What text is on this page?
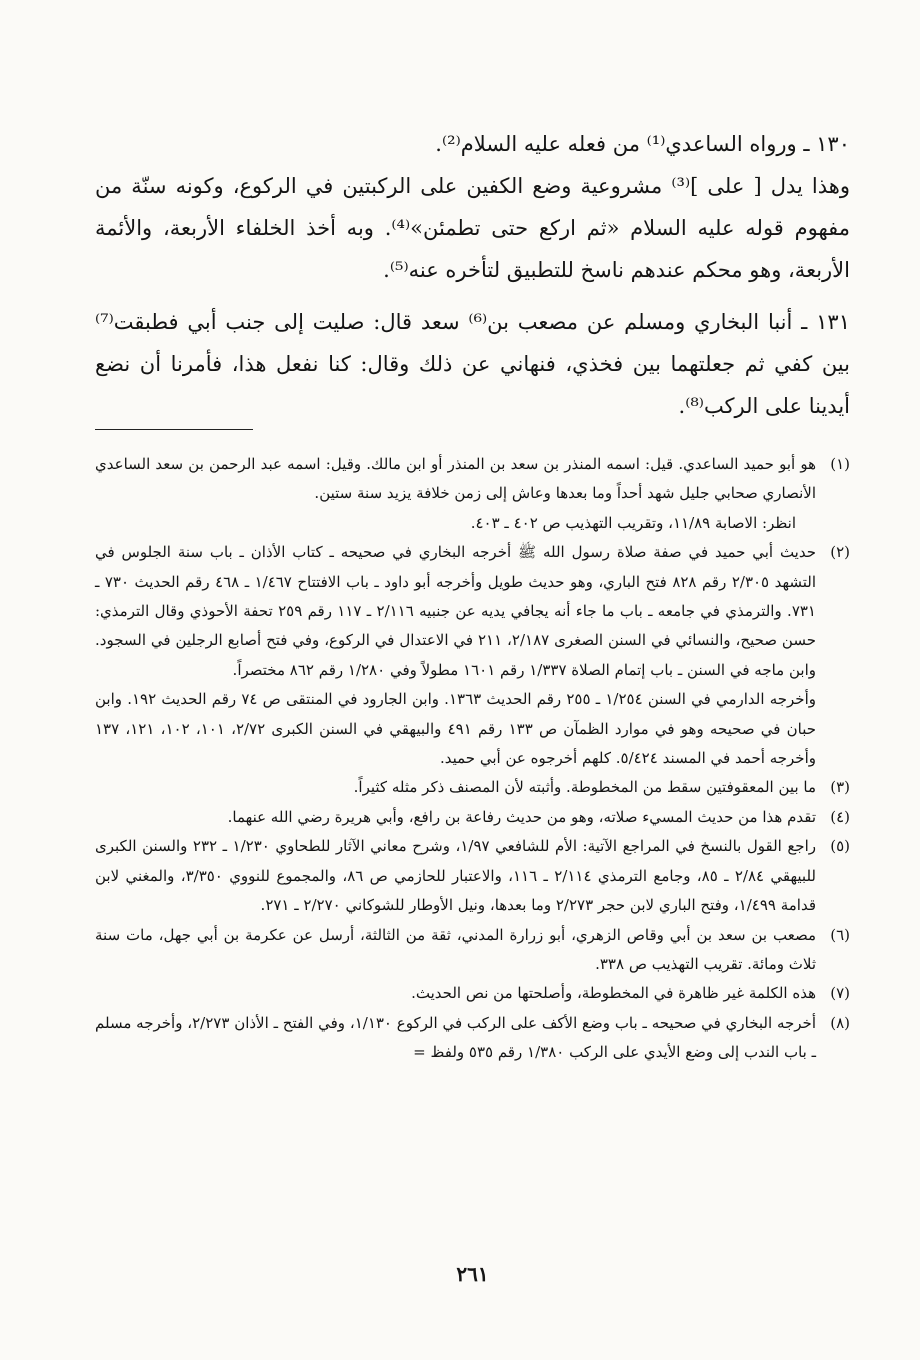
١٣٠ ـ ورواه الساعدي⁽¹⁾ من فعله عليه السلام⁽²⁾.

وهذا يدل [ على ]⁽³⁾ مشروعية وضع الكفين على الركبتين في الركوع، وكونه سنّة من مفهوم قوله عليه السلام «ثم اركع حتى تطمئن»⁽⁴⁾. وبه أخذ الخلفاء الأربعة، والأئمة الأربعة، وهو محكم عندهم ناسخ للتطبيق لتأخره عنه⁽⁵⁾.

١٣١ ـ أنبا البخاري ومسلم عن مصعب بن⁽⁶⁾ سعد قال: صليت إلى جنب أبي فطبقت⁽⁷⁾ بين كفي ثم جعلتهما بين فخذي، فنهاني عن ذلك وقال: كنا نفعل هذا، فأمرنا أن نضع أيدينا على الركب⁽⁸⁾.

(١)
هو أبو حميد الساعدي. قيل: اسمه المنذر بن سعد بن المنذر أو ابن مالك. وقيل: اسمه عبد الرحمن بن سعد الساعدي الأنصاري صحابي جليل شهد أحداً وما بعدها وعاش إلى زمن خلافة يزيد سنة ستين.
انظر: الاصابة ١١/٨٩، وتقريب التهذيب ص ٤٠٢ ـ ٤٠٣.
(٢)
حديث أبي حميد في صفة صلاة رسول الله ﷺ أخرجه البخاري في صحيحه ـ كتاب الأذان ـ باب سنة الجلوس في التشهد ٢/٣٠٥ رقم ٨٢٨ فتح الباري، وهو حديث طويل وأخرجه أبو داود ـ باب الافتتاح ١/٤٦٧ ـ ٤٦٨ رقم الحديث ٧٣٠ ـ ٧٣١. والترمذي في جامعه ـ باب ما جاء أنه يجافي يديه عن جنبيه ٢/١١٦ ـ ١١٧ رقم ٢٥٩ تحفة الأحوذي وقال الترمذي: حسن صحيح، والنسائي في السنن الصغرى ٢/١٨٧، ٢١١ في الاعتدال في الركوع، وفي فتح أصابع الرجلين في السجود. وابن ماجه في السنن ـ باب إتمام الصلاة ١/٣٣٧ رقم ١٦٠١ مطولاً وفي ١/٢٨٠ رقم ٨٦٢ مختصراً.
وأخرجه الدارمي في السنن ١/٢٥٤ ـ ٢٥٥ رقم الحديث ١٣٦٣. وابن الجارود في المنتقى ص ٧٤ رقم الحديث ١٩٢. وابن حبان في صحيحه وهو في موارد الظمآن ص ١٣٣ رقم ٤٩١ والبيهقي في السنن الكبرى ٢/٧٢، ١٠١، ١٠٢، ١٢١، ١٣٧ وأخرجه أحمد في المسند ٥/٤٢٤. كلهم أخرجوه عن أبي حميد.
(٣)
ما بين المعقوفتين سقط من المخطوطة. وأثبته لأن المصنف ذكر مثله كثيراً.
(٤)
تقدم هذا من حديث المسيء صلاته، وهو من حديث رفاعة بن رافع، وأبي هريرة رضي الله عنهما.
(٥)
راجع القول بالنسخ في المراجع الآتية: الأم للشافعي ١/٩٧، وشرح معاني الآثار للطحاوي ١/٢٣٠ ـ ٢٣٢ والسنن الكبرى للبيهقي ٢/٨٤ ـ ٨٥، وجامع الترمذي ٢/١١٤ ـ ١١٦، والاعتبار للحازمي ص ٨٦، والمجموع للنووي ٣/٣٥٠، والمغني لابن قدامة ١/٤٩٩، وفتح الباري لابن حجر ٢/٢٧٣ وما بعدها، ونيل الأوطار للشوكاني ٢/٢٧٠ ـ ٢٧١.
(٦)
مصعب بن سعد بن أبي وقاص الزهري، أبو زرارة المدني، ثقة من الثالثة، أرسل عن عكرمة بن أبي جهل، مات سنة ثلاث ومائة. تقريب التهذيب ص ٣٣٨.
(٧)
هذه الكلمة غير ظاهرة في المخطوطة، وأصلحتها من نص الحديث.
(٨)
أخرجه البخاري في صحيحه ـ باب وضع الأكف على الركب في الركوع ١/١٣٠، وفي الفتح ـ الأذان ٢/٢٧٣، وأخرجه مسلم ـ باب الندب إلى وضع الأيدي على الركب ١/٣٨٠ رقم ٥٣٥ ولفظ =
٢٦١
